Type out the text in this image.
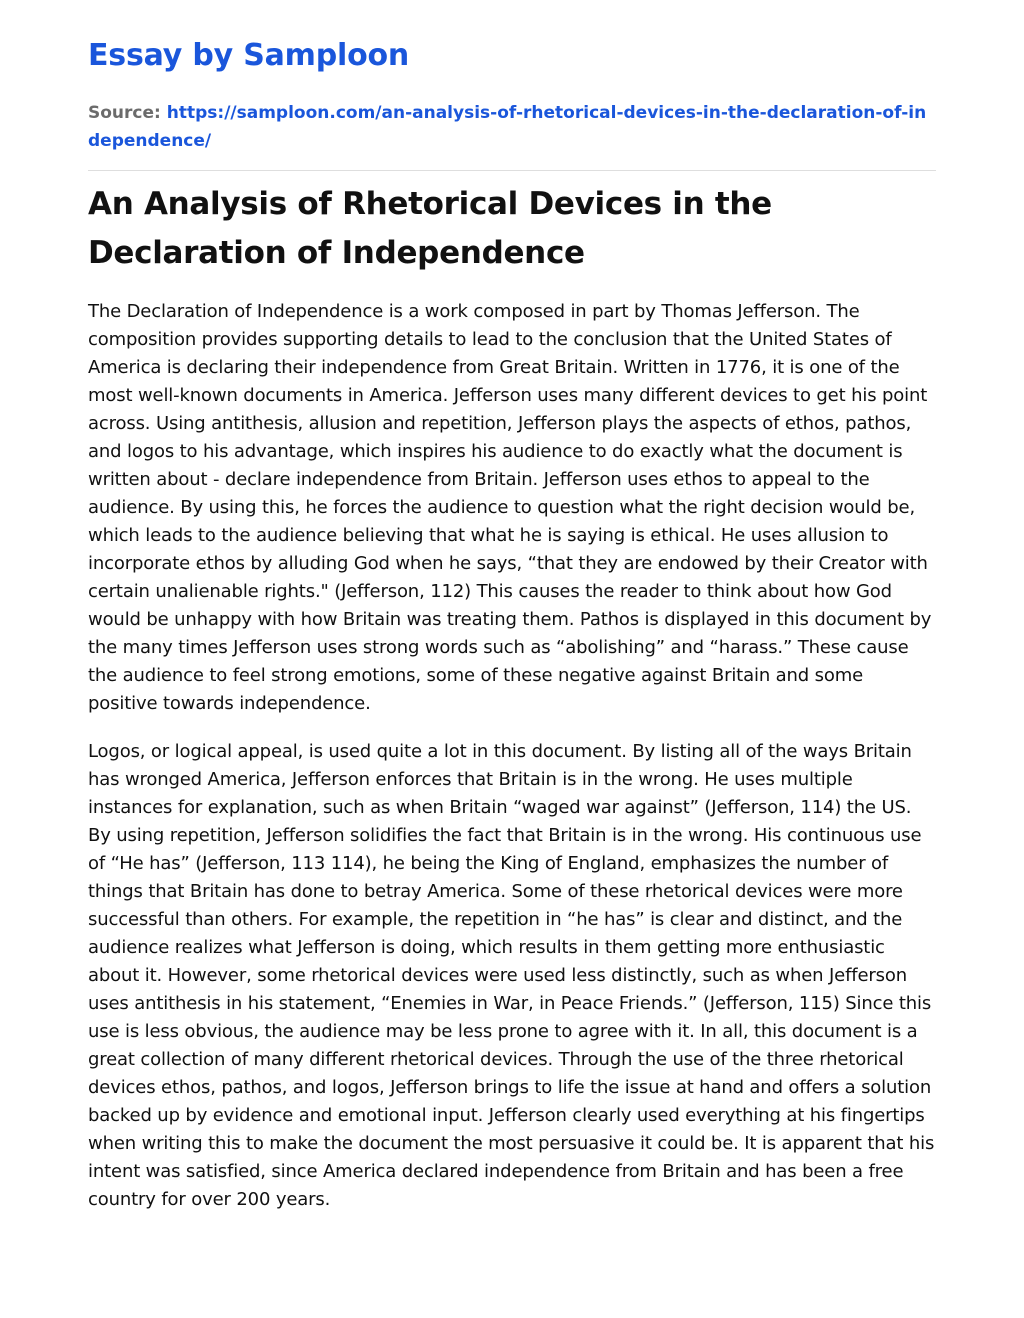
Essay by Samploon

Source: https://samploon.com/an-analysis-of-rhetorical-devices-in-the-declaration-of-independence/

An Analysis of Rhetorical Devices in the Declaration of Independence

The Declaration of Independence is a work composed in part by Thomas Jefferson. The composition provides supporting details to lead to the conclusion that the United States of America is declaring their independence from Great Britain. Written in 1776, it is one of the most well-known documents in America. Jefferson uses many different devices to get his point across. Using antithesis, allusion and repetition, Jefferson plays the aspects of ethos, pathos, and logos to his advantage, which inspires his audience to do exactly what the document is written about - declare independence from Britain. Jefferson uses ethos to appeal to the audience. By using this, he forces the audience to question what the right decision would be, which leads to the audience believing that what he is saying is ethical. He uses allusion to incorporate ethos by alluding God when he says, “that they are endowed by their Creator with certain unalienable rights." (Jefferson, 112) This causes the reader to think about how God would be unhappy with how Britain was treating them. Pathos is displayed in this document by the many times Jefferson uses strong words such as “abolishing” and “harass.” These cause the audience to feel strong emotions, some of these negative against Britain and some positive towards independence.

Logos, or logical appeal, is used quite a lot in this document. By listing all of the ways Britain has wronged America, Jefferson enforces that Britain is in the wrong. He uses multiple instances for explanation, such as when Britain “waged war against” (Jefferson, 114) the US. By using repetition, Jefferson solidifies the fact that Britain is in the wrong. His continuous use of “He has” (Jefferson, 113 114), he being the King of England, emphasizes the number of things that Britain has done to betray America. Some of these rhetorical devices were more successful than others. For example, the repetition in “he has” is clear and distinct, and the audience realizes what Jefferson is doing, which results in them getting more enthusiastic about it. However, some rhetorical devices were used less distinctly, such as when Jefferson uses antithesis in his statement, “Enemies in War, in Peace Friends.” (Jefferson, 115) Since this use is less obvious, the audience may be less prone to agree with it. In all, this document is a great collection of many different rhetorical devices. Through the use of the three rhetorical devices ethos, pathos, and logos, Jefferson brings to life the issue at hand and offers a solution backed up by evidence and emotional input. Jefferson clearly used everything at his fingertips when writing this to make the document the most persuasive it could be. It is apparent that his intent was satisfied, since America declared independence from Britain and has been a free country for over 200 years.
